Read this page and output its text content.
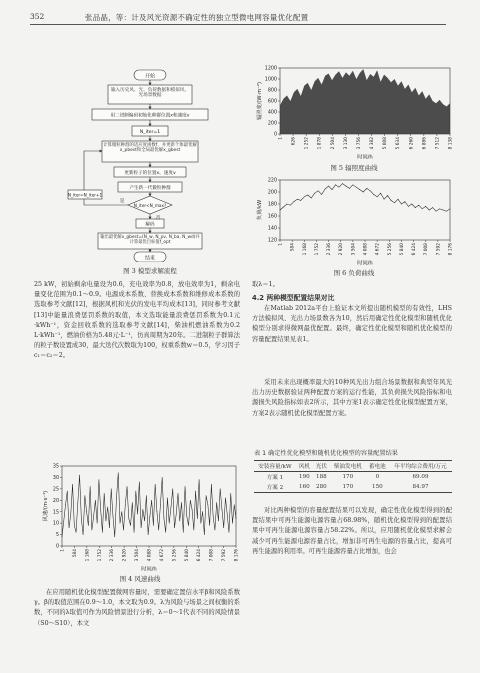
352	张品晶，等：计及风光资源不确定性的独立型微电网容量优化配置
开始
输入历史风、光、负荷数据和模拟风、光场景数据
用二进制编码初始化种群位置x和速度v
N_iter=1
计算微粒种群的适应度函数f，并更新个体最优解x_pbest和全局最优解x_gbest
更新粒子的位置x、速度v
产生新一代微粒种群
N_iter<N_max?
是
否
N_iter=N_iter+1
解码
输出最优解x_gbest=(N_w, N_pv, N_ba, N_wd)并计算最优目标值f_opt
结束
图 3 模型求解流程

25 kW，初始剩余电量设为0.6，充电效率为0.8，放电效率为1，剩余电量变化范围为0.1～0.9。电源成本系数、替换成本系数和维修成本系数的选取参考文献[12]，根据风机和光伏的发电平均成本[13]，同时参考文献[13]中能量浪费惩罚系数的取值，本文选取能量浪费惩罚系数为0.1元·kWh⁻¹，资金回收系数的选取参考文献[14]，柴油机燃油系数为0.2 L·kWh⁻¹，燃油价格为5.48元·L⁻¹，仿真周期为20年。二进制粒子群算法的粒子数设置成30，最大迭代次数取为100，权重系数w＝0.5，学习因子c₁＝c₂＝2。

0
5
10
15
20
25
30
35
1 584 1 168 1 752 2 336 2 920 3 504 4 088 4 672 5 256 5 840 6 424 7 008 7 592 8 176
风速/(m·s⁻¹)
时间/h
图 4 风速曲线

在应用随机优化模型配置微网容量时，需要确定置信水平β和风险系数γ。β的取值范围在0.9～1.0，本文取为0.9。λ为风险与场景之间权衡的系数，不同的λ取值可作为风险情景进行分析，λ＝0～1代表不同的风险情景（S0～S10），本文

0
200
400
600
800
1000
1200
1 626 1 252 1 878 2 504 3 130 3 756 4 382 5 008 5 634 6 260 6 886 7 512 8 138
辐照度/(W·m⁻²)
时间/h
图 5 辐照度曲线
120
140
160
180
200
220
1 584 1 168 1 752 2 336 2 920 3 504 4 088 4 672 5 256 5 840 6 424 7 008 7 592 8 176
负荷/kW
时间/h
图 6 负荷曲线

取λ＝1。

4.2 两种模型配置结果对比

在Matlab 2012a平台上验证本文所提出随机模型的有效性，LHS方法模拟风、光出力场景数各为10，然后用确定性优化模型和随机优化模型分别求得微网最优配置。最终，确定性优化模型和随机优化模型的容量配置结果见表1。

采用未来出现概率最大的10种风光出力组合场景数据和典型年风光出力历史数据验证两种配置方案的运行性能，其负荷损失风险指标和电源损失风险指标如表2所示，其中方案1表示确定性优化模型配置方案，方案2表示随机优化模型配置方案。

表 1 确定性优化模型和随机优化模型的容量配置结果
安装容量/kW	风机	光伏	柴油发电机	蓄电池	年平均综合费用/万元
方案 1	190	188	170	0	69.09
方案 2	160	280	170	150	84.97

对比两种模型的容量配置结果可以发现，确定性优化模型得到的配置结果中可再生能源电源容量占68.98%，随机优化模型得到的配置结果中可再生能源电源容量占58.22%。所以，应用随机优化模型求解会减少可再生能源电源容量占比，增加非可再生电源的容量占比，提高可再生能源的利用率。可再生能源容量占比增加，也会
